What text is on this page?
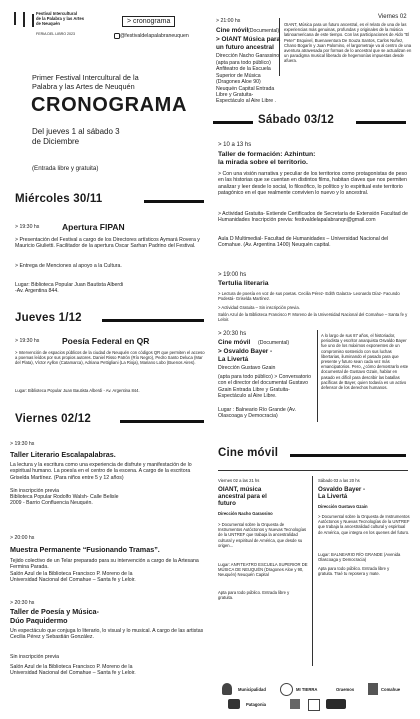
Festival Intercultural
de la Palabra y las Artes
de Neuquén
FERIA DEL LIBRO 2023
> cronograma
@festivaldelapalabraneuquen
Primer Festival Intercultural de la
Palabra y las Artes de Neuquén
CRONOGRAMA
Del jueves 1 al sábado 3
de Diciembre
(Entrada libre y gratuita)
Miércoles 30/11
> 19:30 hs	Apertura FIPAN
> Presentación del Festival a cargo de los Directores artísticos Aymará Rovera y Mauricio Giulietti. Facilitador de la apertura Oscar Sarhan Padrino del Festival.
> Entrega de Menciones al apoyo a la Cultura.
Lugar: Biblioteca Popular Juan Bautista Alberdi
-Av. Argentina 844.
Jueves 1/12
> 19:30 hs	Poesía Federal en QR
> Intervención de espacios públicos de la ciudad de Neuquén con códigos QR que permiten el acceso a poemas leídos por sus propios autores. Daniel Risso Patrón (Río Negro), Pedro Santo Deluca (Mar del Plata), Víctor Ayllon (Catamarca), Adriana Pettigliani (La Rioja), Mariano Lobo (Buenos Aires).
Lugar: Biblioteca Popular Juan Bautista Alberdi - Av. Argentina 844.
Viernes 02/12
> 19:30 hs
Taller Literario Escalapalabras.
La lectura y la escritura como una experiencia de disfrute y manifestación de lo espiritual humano. La poesía en el centro de la escena. A cargo de la escritora Griselda Martínez. (Para niños entre 5 y 12 años)
Sin inscripción previa
Biblioteca Popular Rodolfo Walsh- Calle Belisle
2009 - Barrio Confluencia Neuquén.
> 20:00 hs
Muestra Permanente “Fusionando Tramas”.
Tejido colectivo de un Telar preparado para su intervención a cargo de la Artesana Fermina Parada.
Salón Azul de la Biblioteca Francisco P. Moreno de la
Universidad Nacional del Comahue – Santa fe y Leloir.
> 20:30 hs
Taller de Poesía y Música-
Dúo Paquidermo
Un espectáculo que conjuga lo literario, lo visual y lo musical. A cargo de las artistas Cecilia Pérez y Sebastián González.
Sin inscripción previa
Salón Azul de la Biblioteca Francisco P. Moreno de la
Universidad Nacional del Comahue – Santa fe y Leloir.
> 21:00 hs
Cine móvil (Documental)
> OIANT Música para
un futuro ancestral
Dirección Nacho Garassino
(apta para todo público) Anfiteatro de la Escuela Superior de Música (Dragones Aloe 90) Neuquén Capital Entrada Libre y Gratuita-Espectáculo al Aire Libre .
Viernes 02
OIANT, Música para un futuro ancestral, es el relato de una de las experiencias más genuinas, profundas y originales de la música latinoamericana de este tiempo. Con las participaciones de Aldo “El Peter” Esquivel, Buenaventura De Souza Santos, Carlos Nuñez, Chano Bogarín y Juan Palomino, el largometraje va al centro de una aventura atravesada por formas de lo ancestral que se actualizan en un paradigma musical liberado de hegemonías impuestas desde afuera.
Sábado 03/12
> 10 a 13 hs
Taller de formación: Azhintun:
la mirada sobre el territorio.
> Con una visión narrativa y peculiar de los territorios como protagonistas de peso en las historias que se cuentan en distintos films, habitan claves que nos permiten analizar y leer desde lo social, lo filosófico, lo político y lo espiritual este territorio patagónico en el que realmente convivien lo nuevo y lo ancestral.
> Actividad Gratuita- Extiende Certificados de Secretaría de Extensión Facultad de Humanidades Inscripción previa: festivaldelapalabranqn@gmail.com
Aula D Multimedial- Facultad de Humanidades – Universidad Nacional del Comahue. (Av. Argentina 1400) Neuquén capital.
> 19:00 hs
Tertulia literaria
> Lectura de poesía en voz de sus poetas. Cecilia Pérez- Edith Galarza- Leonardo Díaz- Facundo Podestá- Griselda Martínez.
> Actividad Gratuita – Sin inscripción previa.
Salón Azul de la Biblioteca Francisco P. Moreno de la Universidad Nacional del Comahue – Santa fe y Leloir.
> 20:30 hs
Cine móvil (Documental)
> Osvaldo Bayer -
La Livertá
Dirección Gustavo Gzain
(apta para todo público) > Conversatorio con el director del documental Gustavo Gzain Entrada Libre y Gratuita-Espectáculo al Aire Libre.
Lugar : Balneario Río Grande (Av. Olascoaga y Democracia)
A lo largo de sus 87 años, el historiador, periodista y escritor anarquista Osvaldo Bayer fue uno de los máximos exponentes de un compromiso sostenido con sus luchas libertarias, iluminando el pasado para que presente y futuro sean cada vez más emancipatorios. Pero, ¿cómo demostrarlo este documental de Gustavo Gzain, hablar en pasado es difícil para describir las batallas pacíficas de Bayer, quien todavía es un activo defensor de los derechos humanos.
Cine móvil
Viernes 02 a las 21 hs
OIANT, música
ancestral para el
futuro
Dirección Nacho Garassino
> Documental sobre la Orquesta de Instrumentos Autóctonos y Nuevas Tecnologías de la UNTREF que trabaja la ancestralidad cultural y espiritual de América, que desde su origen...
Lugar: ANFITEATRO ESCUELA SUPERIOR DE MÚSICA DE NEUQUÉN (Dragones Aloe y 90, Neuquén) Neuquén Capital
Apta para todo público. Entrada libre y gratuita.
Sábado 03 a las 20 hs
Osvaldo Bayer -
La Livertá
Dirección Gustavo Gzain
> Documental sobre la Orquesta de Instrumentos Autóctonos y Nuevas Tecnologías de la UNTREF que trabaja la ancestralidad cultural y espiritual de América, que integra en los quenes del futuro.
Lugar: BALNEARIO RÍO GRANDE (Avenida Olascoaga y Democracia)
Apta para todo público. Entrada libre y gratuita. Traé tu reposera y mate.
Municipalidad	MI TIERRA	Oraemos	Comahue
Patagonia
